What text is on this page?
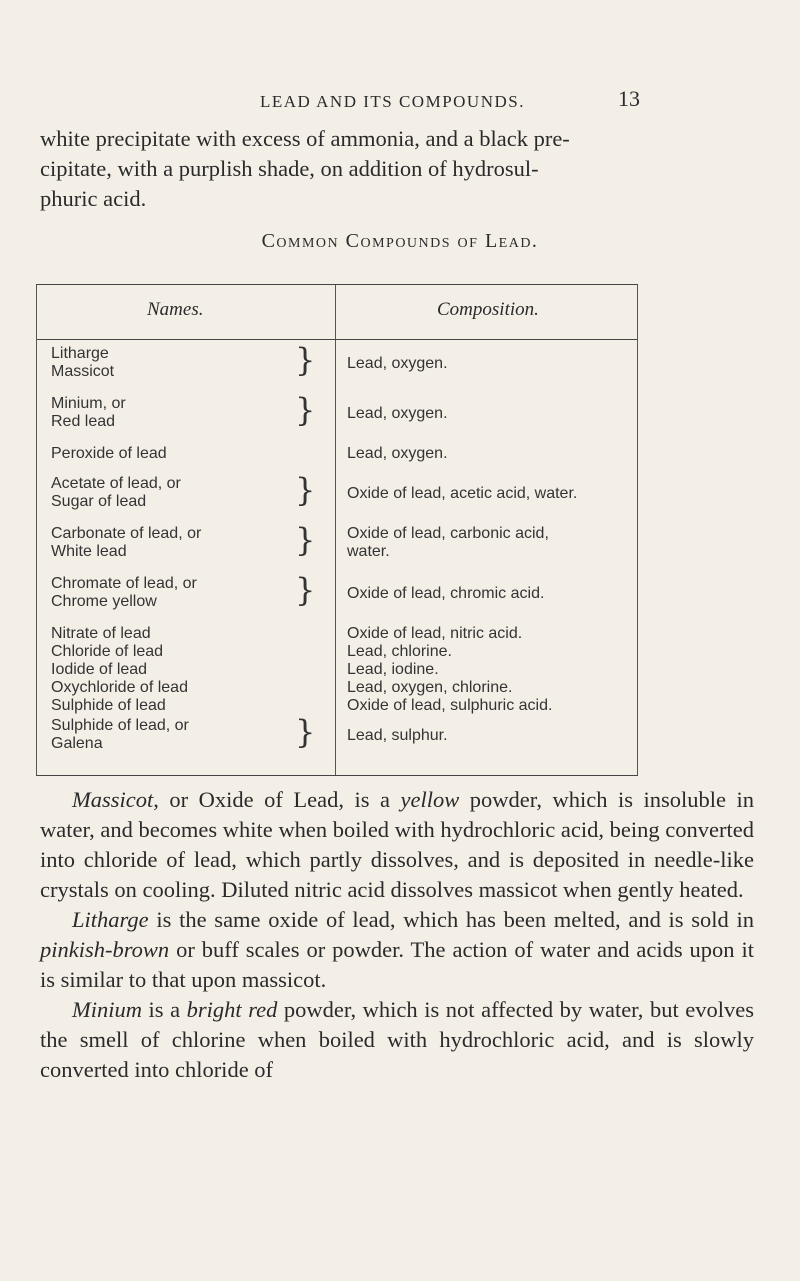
LEAD AND ITS COMPOUNDS.	13
white precipitate with excess of ammonia, and a black pre-
cipitate, with a purplish shade, on addition of hydrosul-
phuric acid.
Common Compounds of Lead.
Names.	Composition.
Litharge
Massicot	} Lead, oxygen.
Minium, or
Red lead	} Lead, oxygen.
Peroxide of lead	Lead, oxygen.
Acetate of lead, or
Sugar of lead	} Oxide of lead, acetic acid, water.
Carbonate of lead, or
White lead	} Oxide of lead, carbonic acid,
water.
Chromate of lead, or
Chrome yellow	} Oxide of lead, chromic acid.
Nitrate of lead	Oxide of lead, nitric acid.
Chloride of lead	Lead, chlorine.
Iodide of lead	Lead, iodine.
Oxychloride of lead	Lead, oxygen, chlorine.
Sulphide of lead	Oxide of lead, sulphuric acid.
Sulphide of lead, or
Galena	} Lead, sulphur.

Massicot, or Oxide of Lead, is a yellow powder, which is insoluble in water, and becomes white when boiled with hydrochloric acid, being converted into chloride of lead, which partly dissolves, and is deposited in needle-like crystals on cooling. Diluted nitric acid dissolves massicot when gently heated.

Litharge is the same oxide of lead, which has been melted, and is sold in pinkish-brown or buff scales or powder. The action of water and acids upon it is similar to that upon massicot.

Minium is a bright red powder, which is not affected by water, but evolves the smell of chlorine when boiled with hydrochloric acid, and is slowly converted into chloride of
